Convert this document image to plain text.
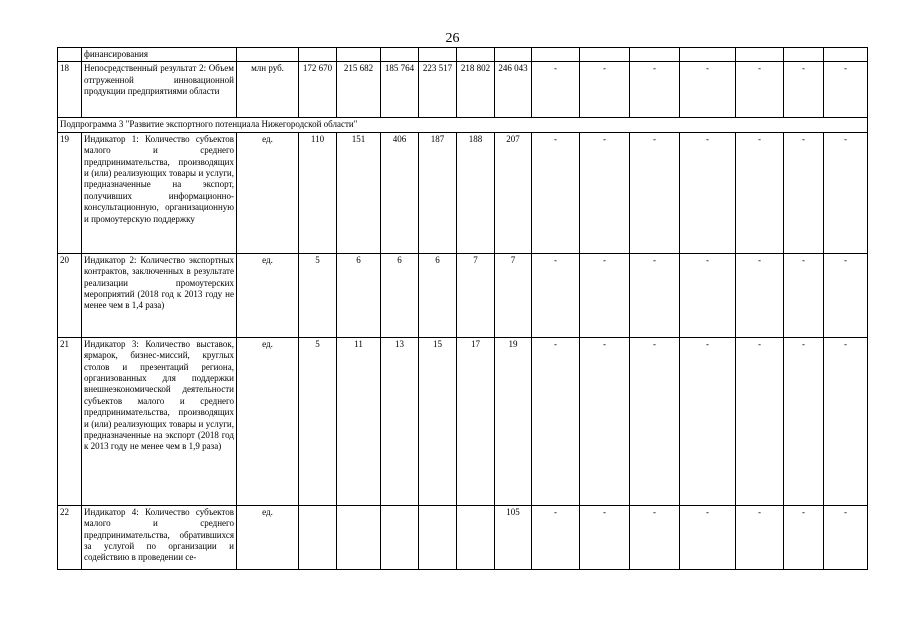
26
	финансирования														
18	Непосредственный результат 2: Объем отгруженной инновационной продукции предприятиями области	млн руб.	172 670	215 682	185 764	223 517	218 802	246 043	-	-	-	-	-	-	-
Подпрограмма 3 "Развитие экспортного потенциала Нижегородской области"															
19	Индикатор 1: Количество субъектов малого и среднего предпринимательства, производящих и (или) реализующих товары и услуги, предназначенные на экспорт, получивших информационно-консультационную, организационную и промоутерскую поддержку	ед.	110	151	406	187	188	207	-	-	-	-	-	-	-
20	Индикатор 2: Количество экспортных контрактов, заключенных в результате реализации промоутерских мероприятий (2018 год к 2013 году не менее чем в 1,4 раза)	ед.	5	6	6	6	7	7	-	-	-	-	-	-	-
21	Индикатор 3: Количество выставок, ярмарок, бизнес-миссий, круглых столов и презентаций региона, организованных для поддержки внешнеэкономической деятельности субъектов малого и среднего предпринимательства, производящих и (или) реализующих товары и услуги, предназначенные на экспорт (2018 год к 2013 году не менее чем в 1,9 раза)	ед.	5	11	13	15	17	19	-	-	-	-	-	-	-
22	Индикатор 4: Количество субъектов малого и среднего предпринимательства, обратившихся за услугой по организации и содействию в проведении се-	ед.						105	-	-	-	-	-	-	-
